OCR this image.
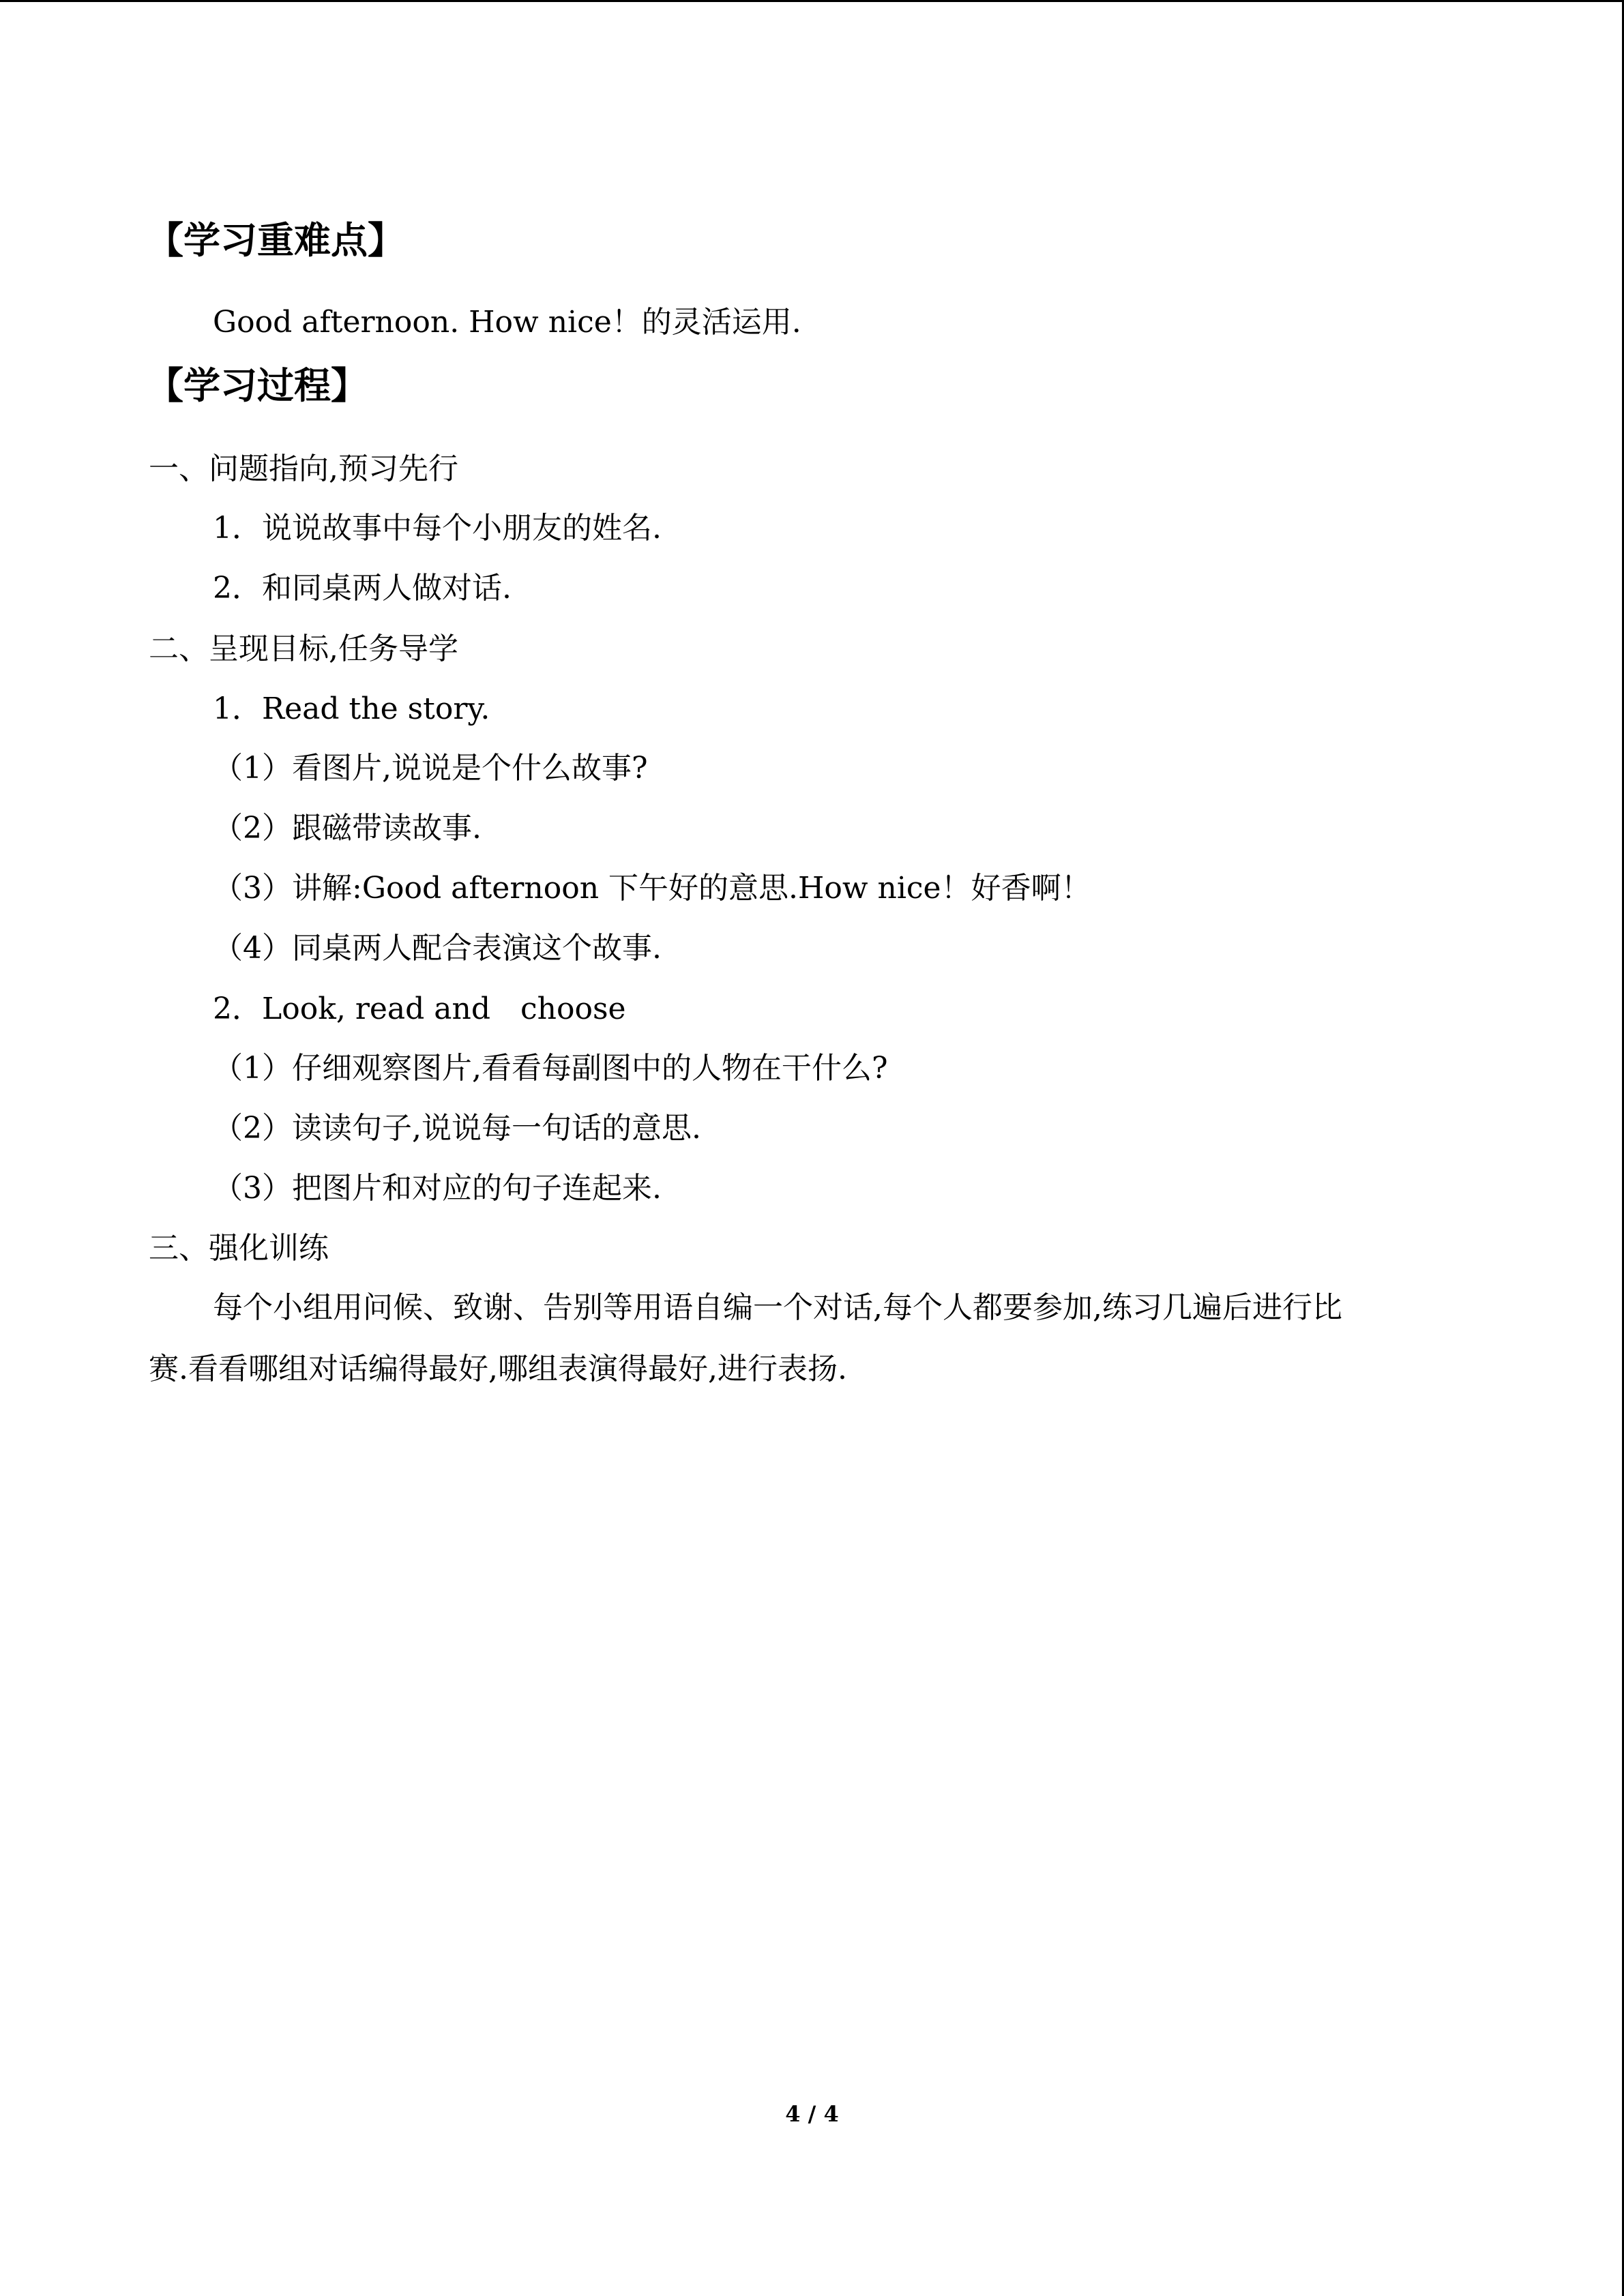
【学习重难点】
Good afternoon. How nice！的灵活运用.
【学习过程】
一、问题指向,预习先行
1．说说故事中每个小朋友的姓名.
2．和同桌两人做对话.
二、呈现目标,任务导学
1．Read the story.
（1）看图片,说说是个什么故事?
（2）跟磁带读故事.
（3）讲解:Good afternoon 下午好的意思.How nice！好香啊！
（4）同桌两人配合表演这个故事.
2．Look, read and　choose
（1）仔细观察图片,看看每副图中的人物在干什么?
（2）读读句子,说说每一句话的意思.
（3）把图片和对应的句子连起来.
三、强化训练
每个小组用问候、致谢、告别等用语自编一个对话,每个人都要参加,练习几遍后进行比
赛.看看哪组对话编得最好,哪组表演得最好,进行表扬.
4 / 4
